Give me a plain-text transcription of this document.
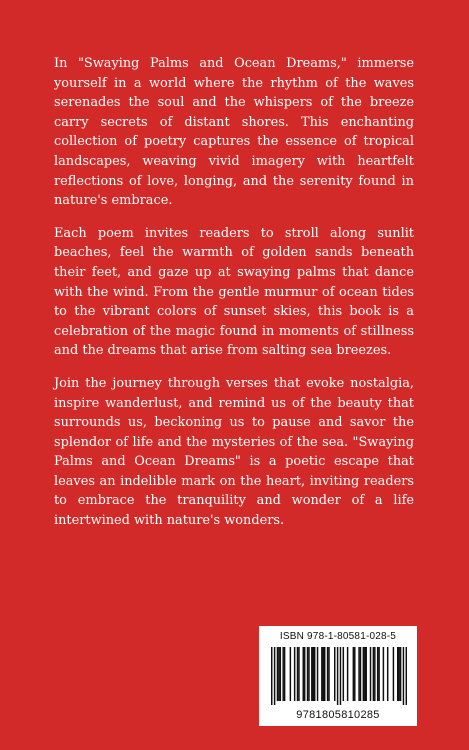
In "Swaying Palms and Ocean Dreams," immerse yourself in a world where the rhythm of the waves serenades the soul and the whispers of the breeze carry secrets of distant shores. This enchanting collection of poetry captures the essence of tropical landscapes, weaving vivid imagery with heartfelt reflections of love, longing, and the serenity found in nature's embrace.

Each poem invites readers to stroll along sunlit beaches, feel the warmth of golden sands beneath their feet, and gaze up at swaying palms that dance with the wind. From the gentle murmur of ocean tides to the vibrant colors of sunset skies, this book is a celebration of the magic found in moments of stillness and the dreams that arise from salting sea breezes.

Join the journey through verses that evoke nostalgia, inspire wanderlust, and remind us of the beauty that surrounds us, beckoning us to pause and savor the splendor of life and the mysteries of the sea. "Swaying Palms and Ocean Dreams" is a poetic escape that leaves an indelible mark on the heart, inviting readers to embrace the tranquility and wonder of a life intertwined with nature's wonders.

ISBN 978-1-80581-028-5
9781805810285
